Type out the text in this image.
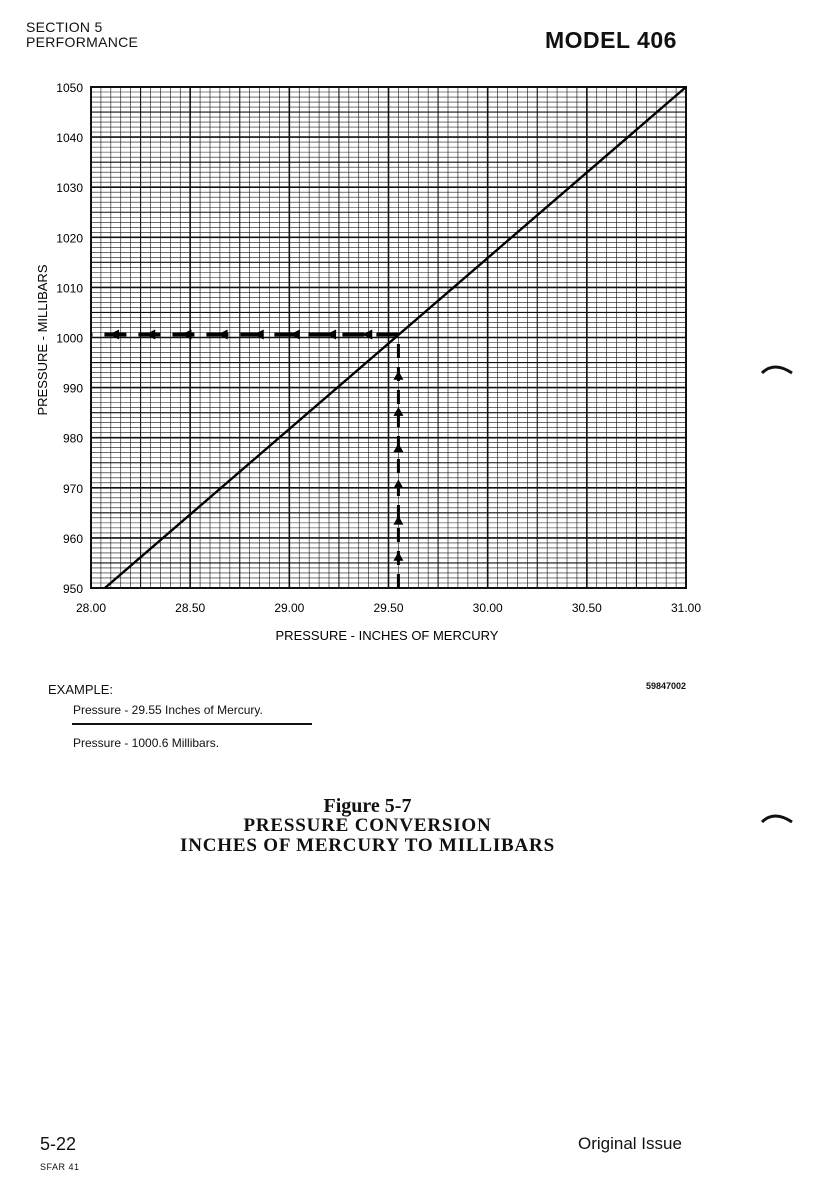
SECTION 5
PERFORMANCE	MODEL 406
950
960
970
980
990
1000
1010
1020
1030
1040
1050
28.00	28.50	29.00	29.50	30.00	30.50	31.00
PRESSURE - INCHES OF MERCURY
PRESSURE - MILLIBARS
EXAMPLE:
Pressure - 29.55 Inches of Mercury.
Pressure - 1000.6 Millibars.
59847002
Figure 5-7
PRESSURE CONVERSION
INCHES OF MERCURY TO MILLIBARS
5-22	Original Issue
SFAR 41
